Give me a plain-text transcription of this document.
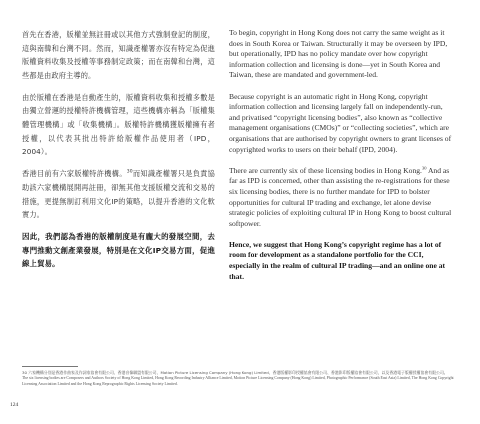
首先在香港，版權並無註冊或以其他方式強制登記的制度，這與南韓和台灣不同。然而，知識產權署亦沒有特定為促進版權資料收集及授權等事務制定政策；而在南韓和台灣，這些都是由政府主導的。

由於版權在香港是自動產生的，版權資料收集和授權多數是由獨立營運的授權特許機構管理，這些機構亦稱為「版權集體管理機構」或「收集機構」。版權特許機構獲版權擁有者授權，以代表其批出特許給版權作品使用者（IPD，2004）。

香港目前有六家版權特許機構。$^{30}$而知識產權署只是負責協助該六家機構展開再註冊，卻無其他支援版權交流和交易的措施，更提無制訂利用文化IP的策略，以提升香港的文化軟實力。

因此，我們認為香港的版權制度是有龐大的發展空間，去專門推動文創產業發展，特別是在文化IP交易方面，促進線上貿易。

To begin, copyright in Hong Kong does not carry the same weight as it does in South Korea or Taiwan. Structurally it may be overseen by IPD, but operationally, IPD has no policy mandate over how copyright information collection and licensing is done—yet in South Korea and Taiwan, these are mandated and government-led.

Because copyright is an automatic right in Hong Kong, copyright information collection and licensing largely fall on independently-run, and privatised “copyright licensing bodies”, also known as “collective management organisations (CMOs)” or “collecting societies”, which are organisations that are authorised by copyright owners to grant licenses of copyrighted works to users on their behalf (IPD, 2004).

There are currently six of these licensing bodies in Hong Kong.$^{30}$ And as far as IPD is concerned, other than assisting the re-registrations for these six licensing bodies, there is no further mandate for IPD to bolster opportunities for cultural IP trading and exchange, let alone devise strategic policies of exploiting cultural IP in Hong Kong to boost cultural softpower.

Hence, we suggest that Hong Kong’s copyright regime has a lot of room for development as a standalone portfolio for the CCI, especially in the realm of cultural IP trading—and an online one at that.

30 六家機構分別是香港作曲家及作詞家協會有限公司、香港音像聯盟有限公司、Motion Picture Licensing Company (Hong Kong) Limited、香港版權影印授權協會有限公司、香港影印版權協會有限公司，以及香港電子版權授權協會有限公司。
The six licensing bodies are Composers and Authors Society of Hong Kong Limited, Hong Kong Recording Industry Alliance Limited, Motion Picture Licensing Company (Hong Kong) Limited, Photographic Performance (South East Asia) Limited, The Hong Kong Copyright Licensing Association Limited and the Hong Kong Reprographic Rights Licensing Society Limited.
124
